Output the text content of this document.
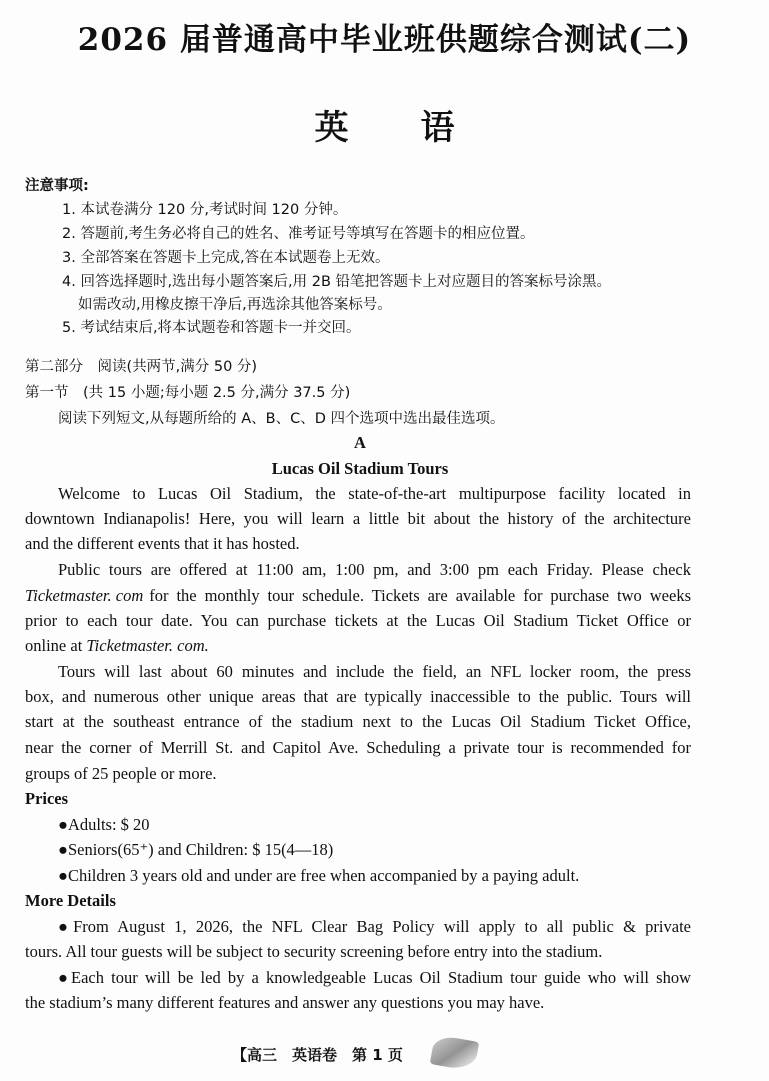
2026 届普通高中毕业班供题综合测试(二)
英 语
注意事项:
1. 本试卷满分 120 分,考试时间 120 分钟。
2. 答题前,考生务必将自己的姓名、准考证号等填写在答题卡的相应位置。
3. 全部答案在答题卡上完成,答在本试题卷上无效。
4. 回答选择题时,选出每小题答案后,用 2B 铅笔把答题卡上对应题目的答案标号涂黑。
如需改动,用橡皮擦干净后,再选涂其他答案标号。
5. 考试结束后,将本试题卷和答题卡一并交回。
第二部分　阅读(共两节,满分 50 分)
第一节　(共 15 小题;每小题 2.5 分,满分 37.5 分)
阅读下列短文,从每题所给的 A、B、C、D 四个选项中选出最佳选项。
A
Lucas Oil Stadium Tours
Welcome to Lucas Oil Stadium, the state-of-the-art multipurpose facility located in
downtown Indianapolis! Here, you will learn a little bit about the history of the architecture
and the different events that it has hosted.
Public tours are offered at 11:00 am, 1:00 pm, and 3:00 pm each Friday. Please check
Ticketmaster. com for the monthly tour schedule. Tickets are available for purchase two weeks
prior to each tour date. You can purchase tickets at the Lucas Oil Stadium Ticket Office or
online at Ticketmaster. com.
Tours will last about 60 minutes and include the field, an NFL locker room, the press
box, and numerous other unique areas that are typically inaccessible to the public. Tours will
start at the southeast entrance of the stadium next to the Lucas Oil Stadium Ticket Office,
near the corner of Merrill St. and Capitol Ave. Scheduling a private tour is recommended for
groups of 25 people or more.
Prices
●Adults: $ 20
●Seniors(65⁺) and Children: $ 15(4—18)
●Children 3 years old and under are free when accompanied by a paying adult.
More Details
●From August 1, 2026, the NFL Clear Bag Policy will apply to all public & private
tours. All tour guests will be subject to security screening before entry into the stadium.
●Each tour will be led by a knowledgeable Lucas Oil Stadium tour guide who will show
the stadium’s many different features and answer any questions you may have.
【高三　英语卷　第 1 页
